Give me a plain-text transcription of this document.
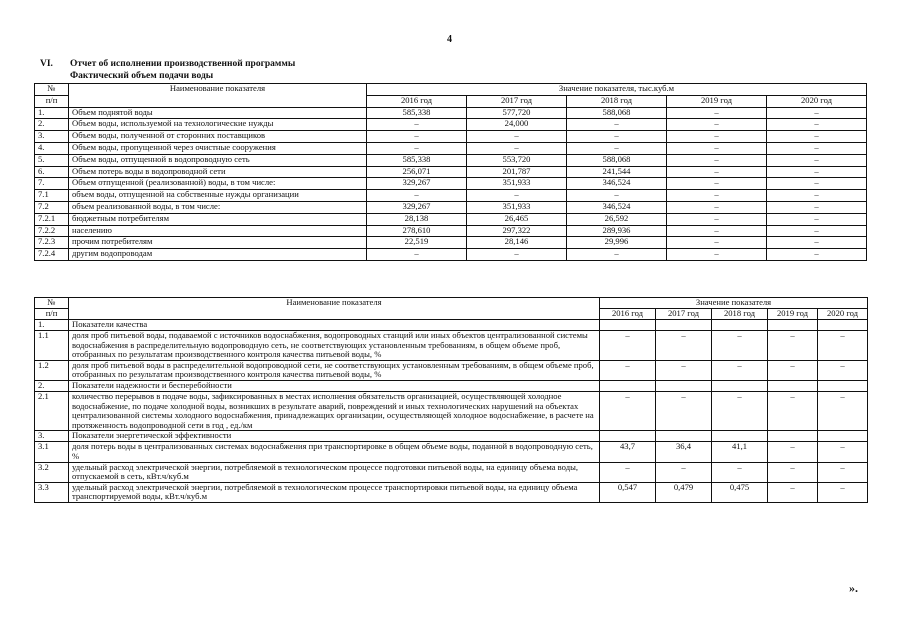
4
VI. Отчет об исполнении производственной программы
Фактический объем подачи воды
№	Наименование показателя	Значение показателя, тыс.куб.м				
п/п		2016 год	2017 год	2018 год	2019 год	2020 год
1.	Объем поднятой воды	585,338	577,720	588,068	–	–
2.	Объем воды, используемой на технологические нужды	–	24,000	–	–	–
3.	Объем воды, полученной от сторонних поставщиков	–	–	–	–	–
4.	Объем воды, пропущенной через очистные сооружения	–	–	–	–	–
5.	Объем воды, отпущенной в водопроводную сеть	585,338	553,720	588,068	–	–
6.	Объем потерь воды в водопроводной сети	256,071	201,787	241,544	–	–
7.	Объем отпущенной (реализованной) воды, в том числе:	329,267	351,933	346,524	–	–
7.1	объем воды, отпущенной на собственные нужды организации	–	–	–	–	–
7.2	объем реализованной воды, в том числе:	329,267	351,933	346,524	–	–
7.2.1	бюджетным потребителям	28,138	26,465	26,592	–	–
7.2.2	населению	278,610	297,322	289,936	–	–
7.2.3	прочим потребителям	22,519	28,146	29,996	–	–
7.2.4	другим водопроводам	–	–	–	–	–
№	Наименование показателя	Значение показателя				
п/п		2016 год	2017 год	2018 год	2019 год	2020 год
1.	Показатели качества					
1.1	доля проб питьевой воды, подаваемой с источников водоснабжения, водопроводных станций или иных объектов централизованной системы водоснабжения в распределительную водопроводную сеть, не соответствующих установленным требованиям, в общем объеме проб, отобранных по результатам производственного контроля качества питьевой воды, %	–	–	–	–	–
1.2	доля проб питьевой воды в распределительной водопроводной сети, не соответствующих установленным требованиям, в общем объеме проб, отобранных по результатам производственного контроля качества питьевой воды, %	–	–	–	–	–
2.	Показатели надежности и бесперебойности					
2.1	количество перерывов в подаче воды, зафиксированных в местах исполнения обязательств организацией, осуществляющей холодное водоснабжение, по подаче холодной воды, возникших в результате аварий, повреждений и иных технологических нарушений на объектах централизованной системы холодного водоснабжения, принадлежащих организации, осуществляющей холодное водоснабжение, в расчете на протяженность водопроводной сети в год , ед./км	–	–	–	–	–
3.	Показатели энергетической эффективности					
3.1	доля потерь воды в централизованных системах водоснабжения при транспортировке в общем объеме воды, поданной в водопроводную сеть, %	43,7	36,4	41,1	–	–
3.2	удельный расход электрической энергии, потребляемой в технологическом процессе подготовки питьевой воды, на единицу объема воды, отпускаемой в сеть, кВт.ч/куб.м	–	–	–	–	–
3.3	удельный расход электрической энергии, потребляемой в технологическом процессе транспортировки питьевой воды, на единицу объема транспортируемой воды, кВт.ч/куб.м	0,547	0,479	0,475	–	–
».
